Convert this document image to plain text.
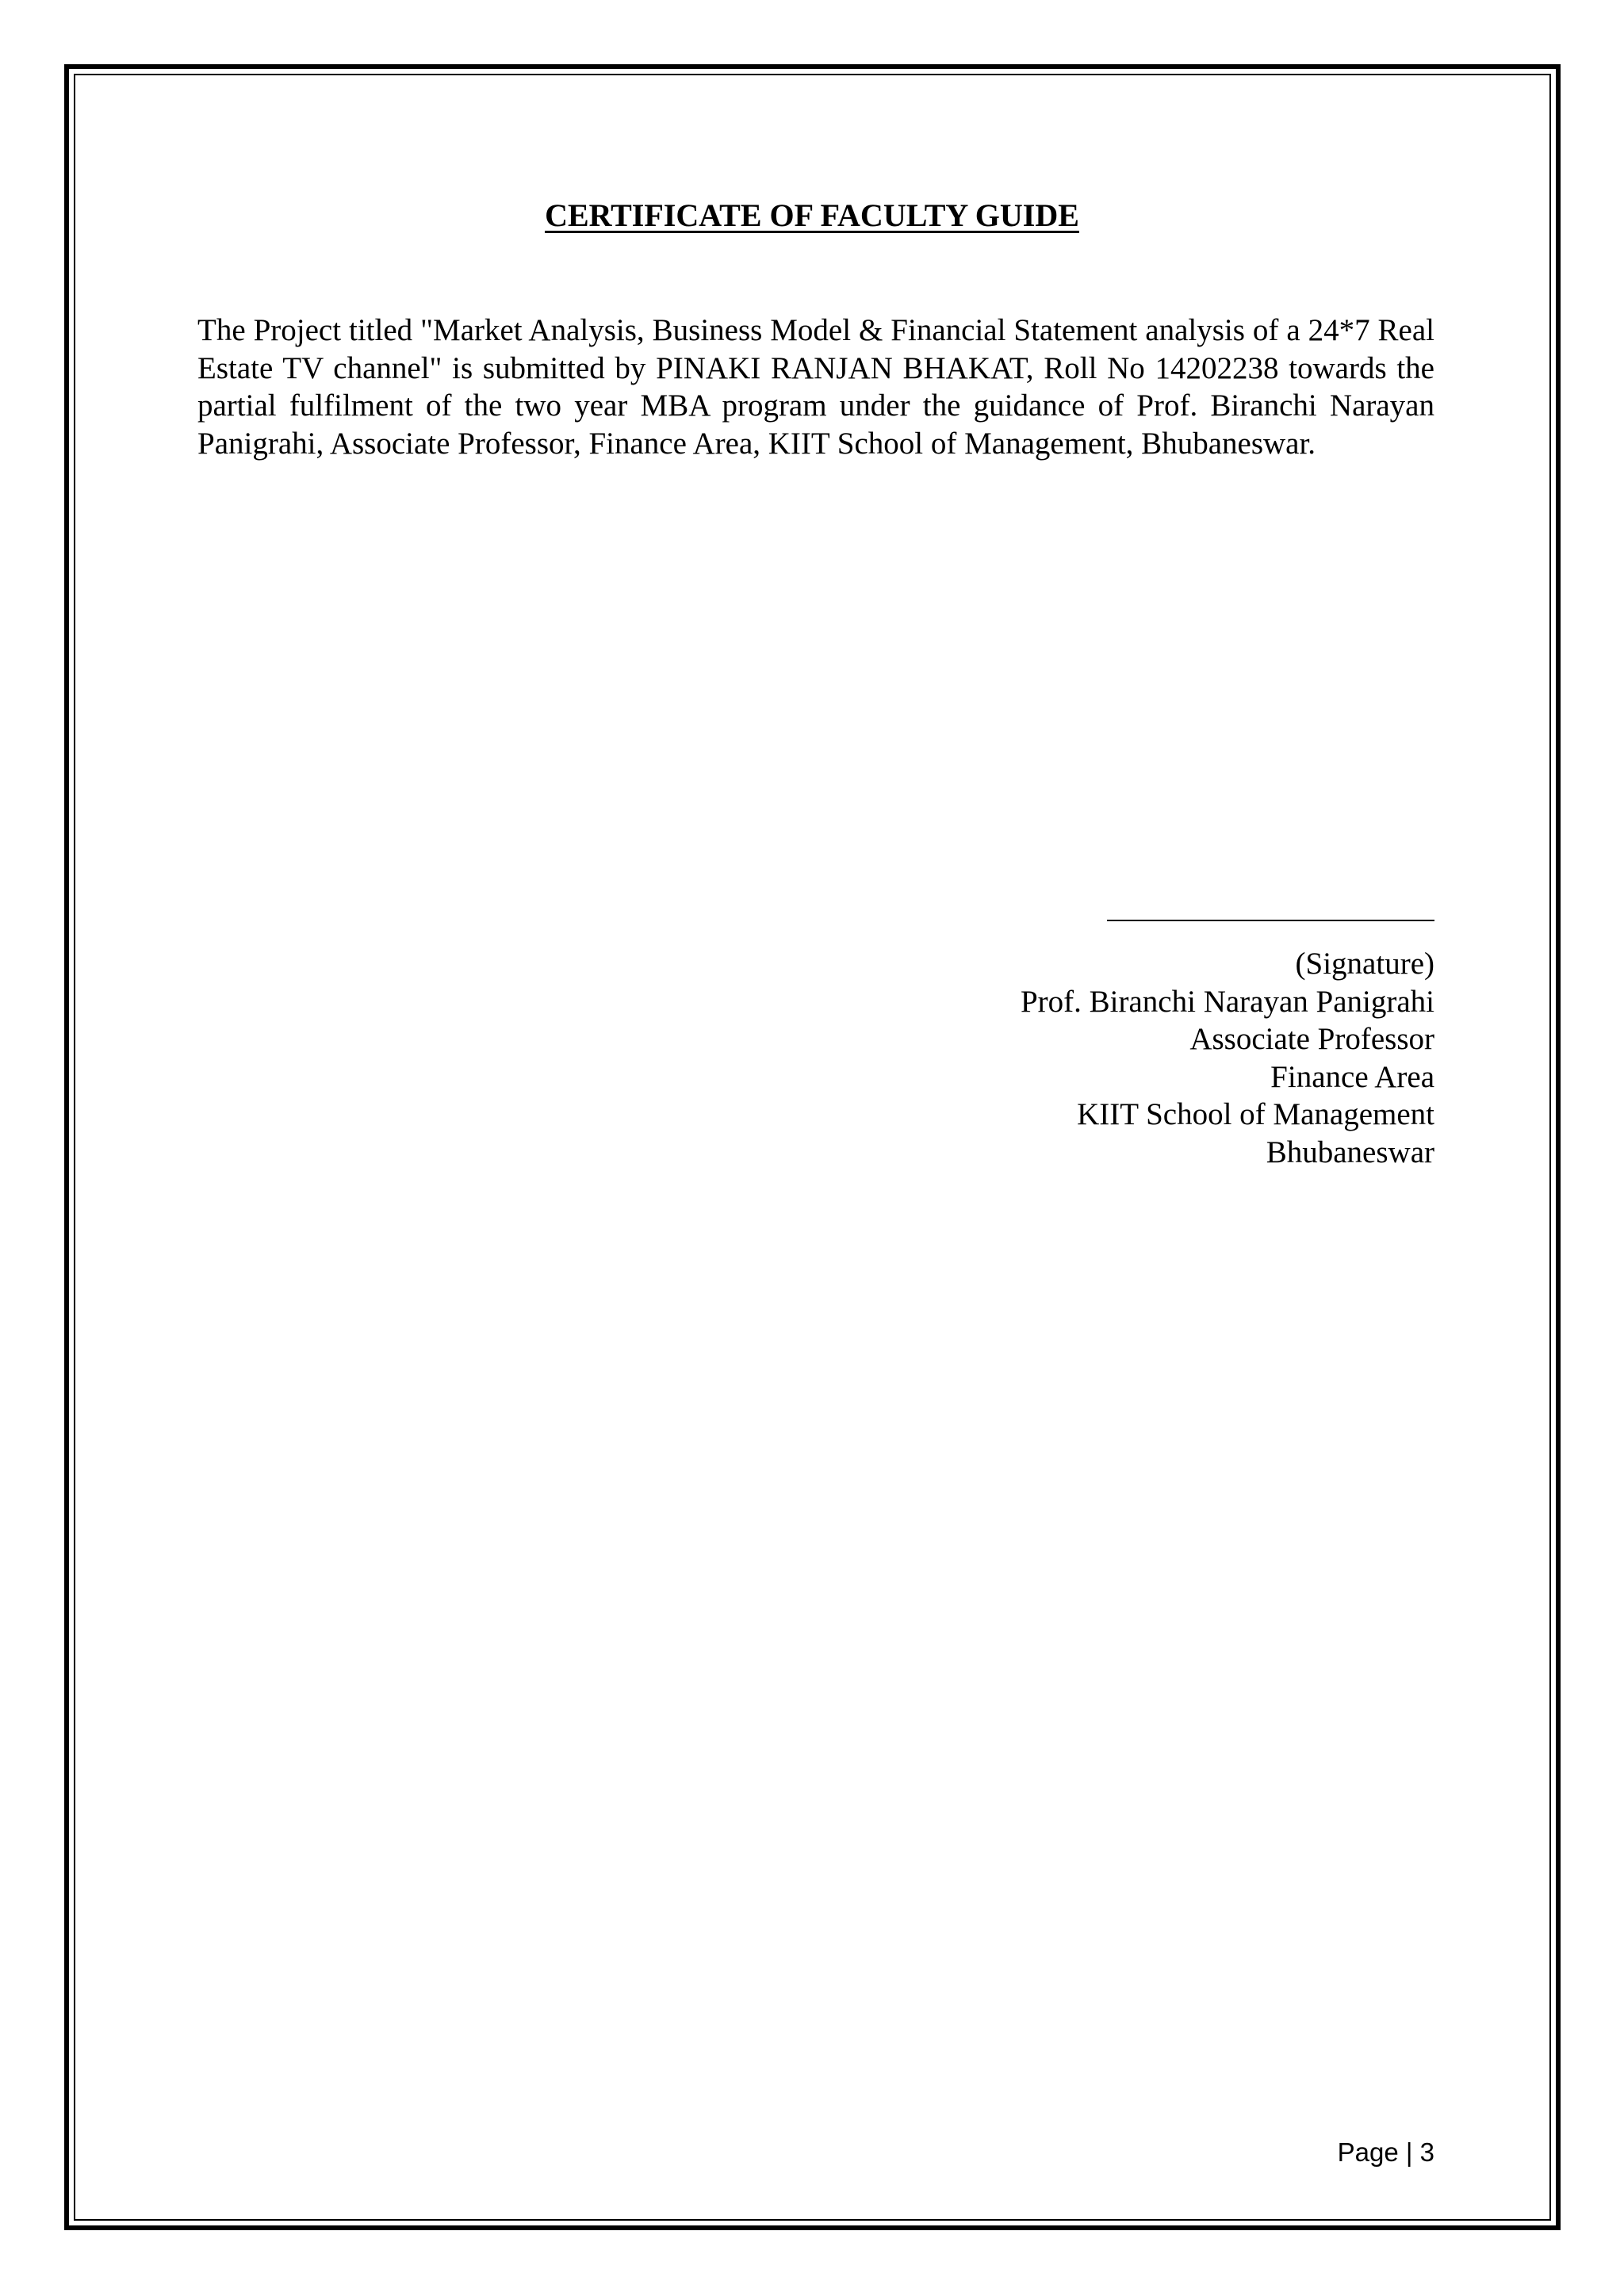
CERTIFICATE OF FACULTY GUIDE

The Project titled "Market Analysis, Business Model & Financial Statement analysis of a 24*7 Real Estate TV channel" is submitted by PINAKI RANJAN BHAKAT, Roll No 14202238 towards the partial fulfilment of the two year MBA program under the guidance of Prof. Biranchi Narayan Panigrahi, Associate Professor, Finance Area, KIIT School of Management, Bhubaneswar.

(Signature)
Prof. Biranchi Narayan Panigrahi
Associate Professor
Finance Area
KIIT School of Management
Bhubaneswar
Page | 3
